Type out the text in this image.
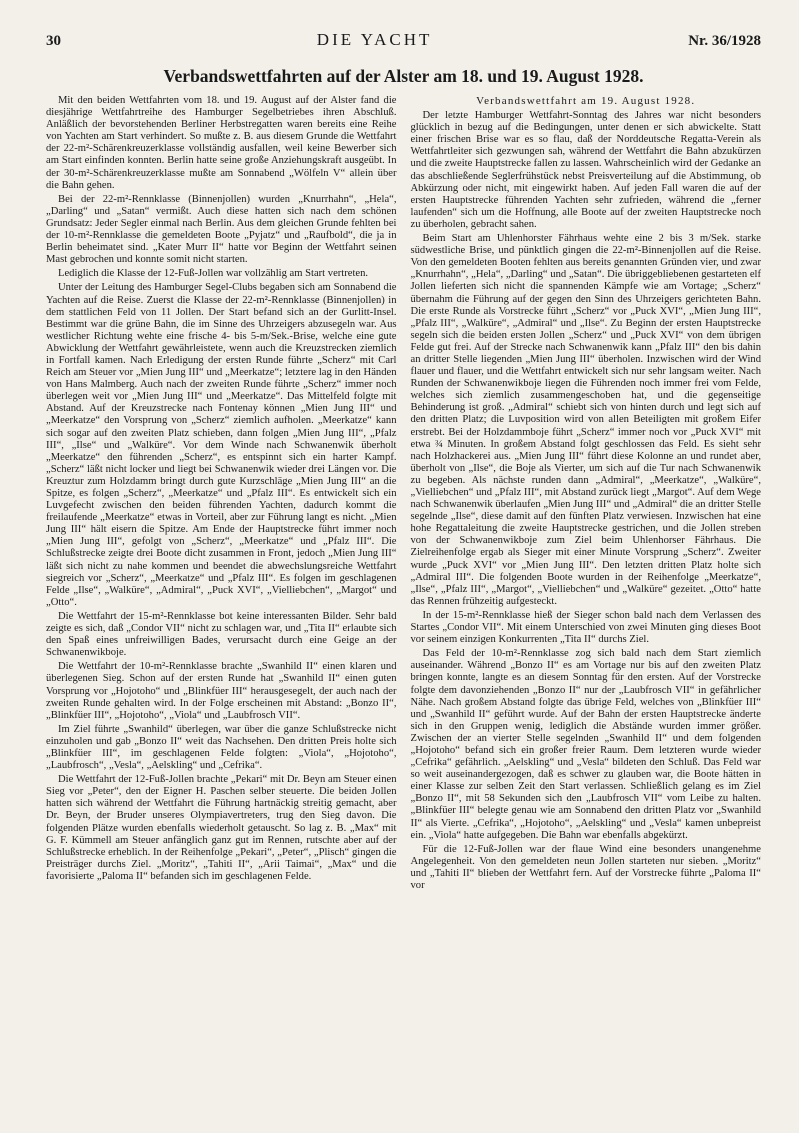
30	DIE YACHT	Nr. 36/1928
Verbandswettfahrten auf der Alster am 18. und 19. August 1928.

Mit den beiden Wettfahrten vom 18. und 19. August auf der Alster fand die diesjährige Wettfahrtreihe des Hamburger Segelbetriebes ihren Abschluß. Anläßlich der bevorstehenden Berliner Herbstregatten waren bereits eine Reihe von Yachten am Start verhindert. So mußte z. B. aus diesem Grunde die Wettfahrt der 22-m²-Schärenkreuzerklasse vollständig ausfallen, weil keine Bewerber sich am Start einfinden konnten. Berlin hatte seine große Anziehungskraft ausgeübt. In der 30-m²-Schärenkreuzerklasse mußte am Sonnabend „Wölfeln V“ allein über die Bahn gehen.

Bei der 22-m²-Rennklasse (Binnenjollen) wurden „Knurrhahn“, „Hela“, „Darling“ und „Satan“ vermißt. Auch diese hatten sich nach dem schönen Grundsatz: Jeder Segler einmal nach Berlin. Aus dem gleichen Grunde fehlten bei der 10-m²-Rennklasse die gemeldeten Boote „Pyjatz“ und „Raufbold“, die ja in Berlin beheimatet sind. „Kater Murr II“ hatte vor Beginn der Wettfahrt seinen Mast gebrochen und konnte somit nicht starten.

Lediglich die Klasse der 12-Fuß-Jollen war vollzählig am Start vertreten.

Unter der Leitung des Hamburger Segel-Clubs begaben sich am Sonnabend die Yachten auf die Reise. Zuerst die Klasse der 22-m²-Rennklasse (Binnenjollen) in dem stattlichen Feld von 11 Jollen. Der Start befand sich an der Gurlitt-Insel. Bestimmt war die grüne Bahn, die im Sinne des Uhrzeigers abzusegeln war. Aus westlicher Richtung wehte eine frische 4- bis 5-m/Sek.-Brise, welche eine gute Abwicklung der Wettfahrt gewährleistete, wenn auch die Kreuzstrecken ziemlich in Fortfall kamen. Nach Erledigung der ersten Runde führte „Scherz“ mit Carl Reich am Steuer vor „Mien Jung III“ und „Meerkatze“; letztere lag in den Händen von Hans Malmberg. Auch nach der zweiten Runde führte „Scherz“ immer noch überlegen weit vor „Mien Jung III“ und „Meerkatze“. Das Mittelfeld folgte mit Abstand. Auf der Kreuzstrecke nach Fontenay können „Mien Jung III“ und „Meerkatze“ den Vorsprung von „Scherz“ ziemlich aufholen. „Meerkatze“ kann sich sogar auf den zweiten Platz schieben, dann folgen „Mien Jung III“, „Pfalz III“, „Ilse“ und „Walküre“. Vor dem Winde nach Schwanenwik überholt „Meerkatze“ den führenden „Scherz“, es entspinnt sich ein harter Kampf. „Scherz“ läßt nicht locker und liegt bei Schwanenwik wieder drei Längen vor. Die Kreuztur zum Holzdamm bringt durch gute Kurzschläge „Mien Jung III“ an die Spitze, es folgen „Scherz“, „Meerkatze“ und „Pfalz III“. Es entwickelt sich ein Luvgefecht zwischen den beiden führenden Yachten, dadurch kommt die freilaufende „Meerkatze“ etwas in Vorteil, aber zur Führung langt es nicht. „Mien Jung III“ hält eisern die Spitze. Am Ende der Hauptstrecke führt immer noch „Mien Jung III“, gefolgt von „Scherz“, „Meerkatze“ und „Pfalz III“. Die Schlußstrecke zeigte drei Boote dicht zusammen in Front, jedoch „Mien Jung III“ läßt sich nicht zu nahe kommen und beendet die abwechslungsreiche Wettfahrt siegreich vor „Scherz“, „Meerkatze“ und „Pfalz III“. Es folgen im geschlagenen Felde „Ilse“, „Walküre“, „Admiral“, „Puck XVI“, „Vielliebchen“, „Margot“ und „Otto“.

Die Wettfahrt der 15-m²-Rennklasse bot keine interessanten Bilder. Sehr bald zeigte es sich, daß „Condor VII“ nicht zu schlagen war, und „Tita II“ erlaubte sich den Spaß eines unfreiwilligen Bades, verursacht durch eine Geige an der Schwanenwikboje.

Die Wettfahrt der 10-m²-Rennklasse brachte „Swanhild II“ einen klaren und überlegenen Sieg. Schon auf der ersten Runde hat „Swanhild II“ einen guten Vorsprung vor „Hojotoho“ und „Blinkfüer III“ herausgesegelt, der auch nach der zweiten Runde gehalten wird. In der Folge erscheinen mit Abstand: „Bonzo II“, „Blinkfüer III“, „Hojotoho“, „Viola“ und „Laubfrosch VII“.

Im Ziel führte „Swanhild“ überlegen, war über die ganze Schlußstrecke nicht einzuholen und gab „Bonzo II“ weit das Nachsehen. Den dritten Preis holte sich „Blinkfüer III“, im geschlagenen Felde folgten: „Viola“, „Hojotoho“, „Laubfrosch“, „Vesla“, „Aelskling“ und „Cefrika“.

Die Wettfahrt der 12-Fuß-Jollen brachte „Pekari“ mit Dr. Beyn am Steuer einen Sieg vor „Peter“, den der Eigner H. Paschen selber steuerte. Die beiden Jollen hatten sich während der Wettfahrt die Führung hartnäckig streitig gemacht, aber Dr. Beyn, der Bruder unseres Olympiavertreters, trug den Sieg davon. Die folgenden Plätze wurden ebenfalls wiederholt getauscht. So lag z. B. „Max“ mit G. F. Kümmell am Steuer anfänglich ganz gut im Rennen, rutschte aber auf der Schlußstrecke erheblich. In der Reihenfolge „Pekari“, „Peter“, „Plisch“ gingen die Preisträger durchs Ziel. „Moritz“, „Tahiti II“, „Arii Taimai“, „Max“ und die favorisierte „Paloma II“ befanden sich im geschlagenen Felde.

Verbandswettfahrt am 19. August 1928.

Der letzte Hamburger Wettfahrt-Sonntag des Jahres war nicht besonders glücklich in bezug auf die Bedingungen, unter denen er sich abwickelte. Statt einer frischen Brise war es so flau, daß der Norddeutsche Regatta-Verein als Wettfahrtleiter sich gezwungen sah, während der Wettfahrt die Bahn abzukürzen und die zweite Hauptstrecke fallen zu lassen. Wahrscheinlich wird der Gedanke an das abschließende Seglerfrühstück nebst Preisverteilung auf die Abstimmung, ob Abkürzung oder nicht, mit eingewirkt haben. Auf jeden Fall waren die auf der ersten Hauptstrecke führenden Yachten sehr zufrieden, während die „ferner laufenden“ sich um die Hoffnung, alle Boote auf der zweiten Hauptstrecke noch zu überholen, gebracht sahen.

Beim Start am Uhlenhorster Fährhaus wehte eine 2 bis 3 m/Sek. starke südwestliche Brise, und pünktlich gingen die 22-m²-Binnenjollen auf die Reise. Von den gemeldeten Booten fehlten aus bereits genannten Gründen vier, und zwar „Knurrhahn“, „Hela“, „Darling“ und „Satan“. Die übriggebliebenen gestarteten elf Jollen lieferten sich nicht die spannenden Kämpfe wie am Vortage; „Scherz“ übernahm die Führung auf der gegen den Sinn des Uhrzeigers gerichteten Bahn. Die erste Runde als Vorstrecke führt „Scherz“ vor „Puck XVI“, „Mien Jung III“, „Pfalz III“, „Walküre“, „Admiral“ und „Ilse“. Zu Beginn der ersten Hauptstrecke segeln sich die beiden ersten Jollen „Scherz“ und „Puck XVI“ von dem übrigen Felde gut frei. Auf der Strecke nach Schwanenwik kann „Pfalz III“ den bis dahin an dritter Stelle liegenden „Mien Jung III“ überholen. Inzwischen wird der Wind flauer und flauer, und die Wettfahrt entwickelt sich nur sehr langsam weiter. Nach Runden der Schwanenwikboje liegen die Führenden noch immer frei vom Felde, welches sich ziemlich zusammengeschoben hat, und die gegenseitige Behinderung ist groß. „Admiral“ schiebt sich von hinten durch und legt sich auf den dritten Platz; die Luvposition wird von allen Beteiligten mit großem Eifer erstrebt. Bei der Holzdammboje führt „Scherz“ immer noch vor „Puck XVI“ mit etwa ¾ Minuten. In großem Abstand folgt geschlossen das Feld. Es sieht sehr nach Holzhackerei aus. „Mien Jung III“ führt diese Kolonne an und rundet aber, überholt von „Ilse“, die Boje als Vierter, um sich auf die Tur nach Schwanenwik zu begeben. Als nächste runden dann „Admiral“, „Meerkatze“, „Walküre“, „Vielliebchen“ und „Pfalz III“, mit Abstand zurück liegt „Margot“. Auf dem Wege nach Schwanenwik überlaufen „Mien Jung III“ und „Admiral“ die an dritter Stelle segelnde „Ilse“, diese damit auf den fünften Platz verwiesen. Inzwischen hat eine hohe Regattaleitung die zweite Hauptstrecke gestrichen, und die Jollen streben von der Schwanenwikboje zum Ziel beim Uhlenhorser Fährhaus. Die Zielreihenfolge ergab als Sieger mit einer Minute Vorsprung „Scherz“. Zweiter wurde „Puck XVI“ vor „Mien Jung III“. Den letzten dritten Platz holte sich „Admiral III“. Die folgenden Boote wurden in der Reihenfolge „Meerkatze“, „Ilse“, „Pfalz III“, „Margot“, „Vielliebchen“ und „Walküre“ gezeitet. „Otto“ hatte das Rennen frühzeitig aufgesteckt.

In der 15-m²-Rennklasse hieß der Sieger schon bald nach dem Verlassen des Startes „Condor VII“. Mit einem Unterschied von zwei Minuten ging dieses Boot vor seinem einzigen Konkurrenten „Tita II“ durchs Ziel.

Das Feld der 10-m²-Rennklasse zog sich bald nach dem Start ziemlich auseinander. Während „Bonzo II“ es am Vortage nur bis auf den zweiten Platz bringen konnte, langte es an diesem Sonntag für den ersten. Auf der Vorstrecke folgte dem davonziehenden „Bonzo II“ nur der „Laubfrosch VII“ in gefährlicher Nähe. Nach großem Abstand folgte das übrige Feld, welches von „Blinkfüer III“ und „Swanhild II“ geführt wurde. Auf der Bahn der ersten Hauptstrecke änderte sich in den Gruppen wenig, lediglich die Abstände wurden immer größer. Zwischen der an vierter Stelle segelnden „Swanhild II“ und dem folgenden „Hojotoho“ befand sich ein großer freier Raum. Dem letzteren wurde wieder „Cefrika“ gefährlich. „Aelskling“ und „Vesla“ bildeten den Schluß. Das Feld war so weit auseinandergezogen, daß es schwer zu glauben war, die Boote hätten in einer Klasse zur selben Zeit den Start verlassen. Schließlich gelang es im Ziel „Bonzo II“, mit 58 Sekunden sich den „Laubfrosch VII“ vom Leibe zu halten. „Blinkfüer III“ belegte genau wie am Sonnabend den dritten Platz vor „Swanhild II“ als Vierte. „Cefrika“, „Hojotoho“, „Aelskling“ und „Vesla“ kamen unbepreist ein. „Viola“ hatte aufgegeben. Die Bahn war ebenfalls abgekürzt.

Für die 12-Fuß-Jollen war der flaue Wind eine besonders unangenehme Angelegenheit. Von den gemeldeten neun Jollen starteten nur sieben. „Moritz“ und „Tahiti II“ blieben der Wettfahrt fern. Auf der Vorstrecke führte „Paloma II“ vor
